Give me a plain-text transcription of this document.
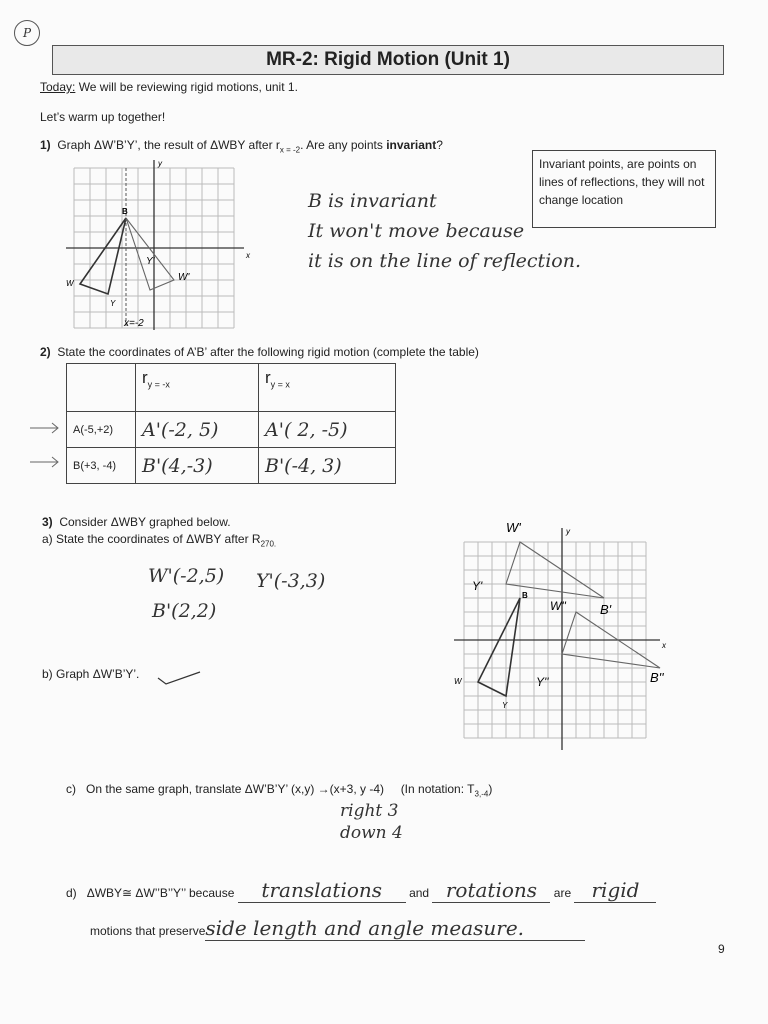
P
MR-2: Rigid Motion (Unit 1)
Today: We will be reviewing rigid motions, unit 1.
Let’s warm up together!
1) Graph ΔW’B’Y’, the result of ΔWBY after $r_{x = -2}$. Are any points invariant?
Invariant points, are points on lines of reflections, they will not change location
x
y
B
W
Y
W'
Y'
x=-2
B is invariant
It won't move because
it is on the line of reflection.
2) State the coordinates of A’B’ after the following rigid motion (complete the table)
	$r_{y = -x}$	$r_{y = x}$
A(-5,+2)	A'(-2, 5)	A'( 2, -5)
B(+3, -4)	B'(4,-3)	B'(-4, 3)
3) Consider ΔWBY graphed below.
a) State the coordinates of ΔWBY after $R_{270.}$
W'(-2,5)
B'(2,2)
Y'(-3,3)
b) Graph ΔW’B’Y’.
x
y
B
W
Y
W'
Y'
B'
W''
Y''	B''
c) On the same graph, translate ΔW’B’Y’ (x,y) →(x+3, y -4) (In notation: $T_{3,-4}$)
right 3
down 4
d) ΔWBY≅ ΔW’’B’’Y’’ because translations and rotations are rigid
motions that preserveside length and angle measure.
9
